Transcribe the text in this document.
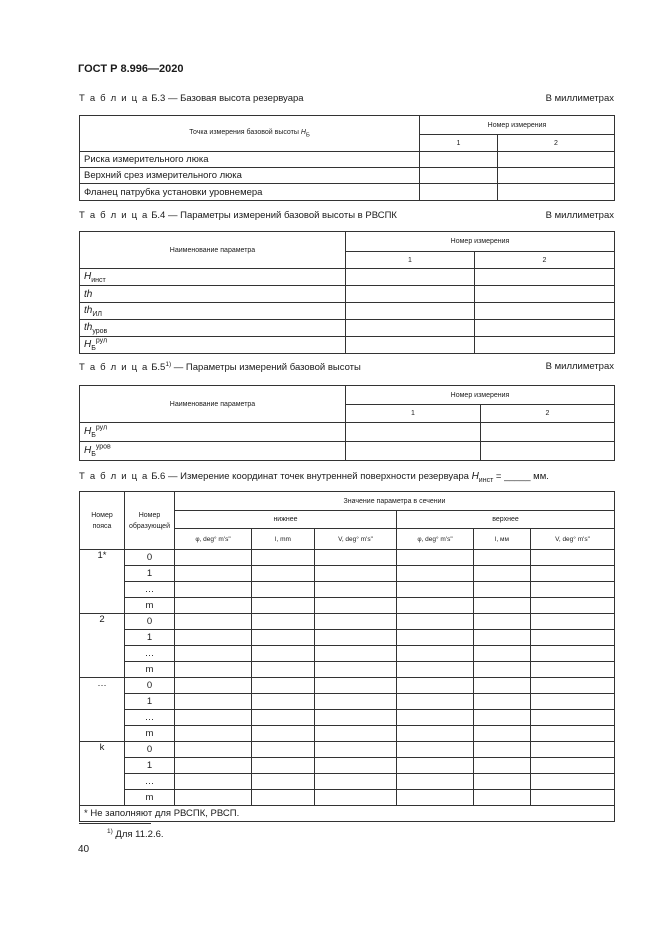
ГОСТ Р 8.996—2020
Т а б л и ц а Б.3 — Базовая высота резервуара	В миллиметрах
Точка измерения базовой высоты $H_Б$	Номер измерения	
	1	2
Риска измерительного люка		
Верхний срез измерительного люка		
Фланец патрубка установки уровнемера		
Т а б л и ц а Б.4 — Параметры измерений базовой высоты в РВСПК	В миллиметрах
Наименование параметра	Номер измерения	
	1	2
$H_{инст}$		
th		
$th_{ИЛ}$		
$th_{уров}$		
$H_Б^{рул}$		
Т а б л и ц а Б.5$^{1)}$ — Параметры измерений базовой высоты	В миллиметрах
Наименование параметра	Номер измерения	
	1	2
$H_Б^{рул}$		
$H_Б^{уров}$		
Т а б л и ц а Б.6 — Измерение координат точек внутренней поверхности резервуара $H_{инст}$ = _____ мм.
Номер пояса	Номер образующей	Значение параметра в сечении					
		нижнее			верхнее		
		φ, deg° m's"	l, mm	V, deg° m's"	φ, deg° m's"	l, мм	V, deg° m's"
1*	0						
	1						
	…						
	m						
2	0						
	1						
	…						
	m						
…	0						
	1						
	…						
	m						
k	0						
	1						
	…						
	m						
* Не заполняют для РВСПК, РВСП.							
$^{1)}$ Для 11.2.6.
40
